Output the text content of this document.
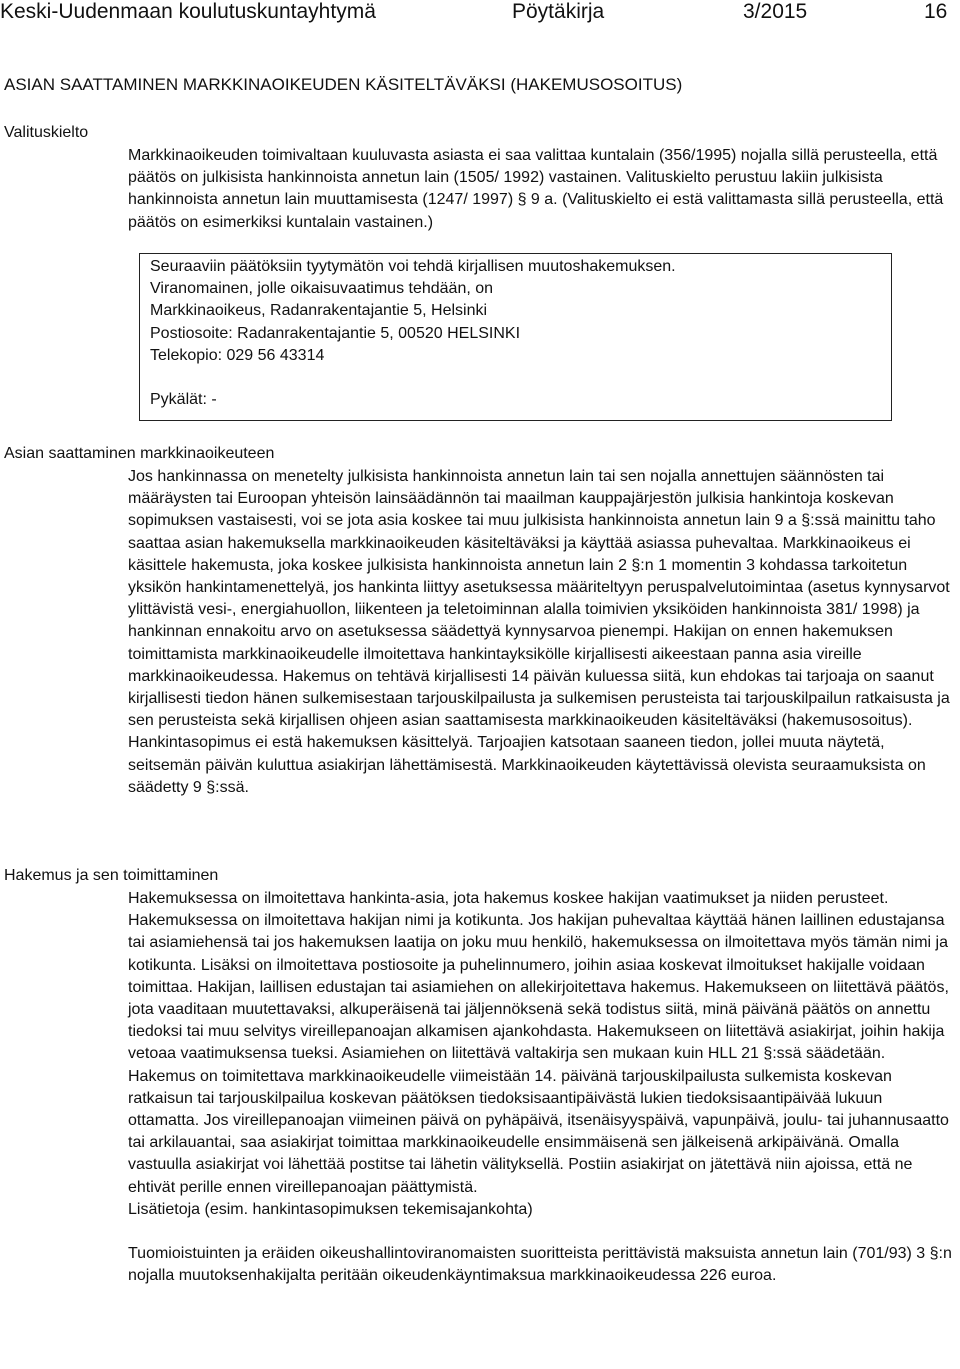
Keski-Uudenmaan koulutuskuntayhtymä	Pöytäkirja	3/2015	16
ASIAN SAATTAMINEN MARKKINAOIKEUDEN KÄSITELTÄVÄKSI (HAKEMUSOSOITUS)
Valituskielto

Markkinaoikeuden toimivaltaan kuuluvasta asiasta ei saa valittaa kuntalain (356/1995) nojalla sillä perusteella, että päätös on julkisista hankinnoista annetun lain (1505/ 1992) vastainen. Valituskielto perustuu lakiin julkisista hankinnoista annetun lain muuttamisesta (1247/ 1997) § 9 a. (Valituskielto ei estä valittamasta sillä perusteella, että päätös on esimerkiksi kuntalain vastainen.)

Seuraaviin päätöksiin tyytymätön voi tehdä kirjallisen muutoshakemuksen.
Viranomainen, jolle oikaisuvaatimus tehdään, on
Markkinaoikeus, Radanrakentajantie 5, Helsinki
Postiosoite: Radanrakentajantie 5, 00520 HELSINKI
Telekopio: 029 56 43314
Pykälät: -
Asian saattaminen markkinaoikeuteen

Jos hankinnassa on menetelty julkisista hankinnoista annetun lain tai sen nojalla annettujen säännösten tai määräysten tai Euroopan yhteisön lainsäädännön tai maailman kauppajärjestön julkisia hankintoja koskevan sopimuksen vastaisesti, voi se jota asia koskee tai muu julkisista hankinnoista annetun lain 9 a §:ssä mainittu taho saattaa asian hakemuksella markkinaoikeuden käsiteltäväksi ja käyttää asiassa puhevaltaa. Markkinaoikeus ei käsittele hakemusta, joka koskee julkisista hankinnoista annetun lain 2 §:n 1 momentin 3 kohdassa tarkoitetun yksikön hankintamenettelyä, jos hankinta liittyy asetuksessa määriteltyyn peruspalvelutoimintaa (asetus kynnysarvot ylittävistä vesi-, energiahuollon, liikenteen ja teletoiminnan alalla toimivien yksiköiden hankinnoista 381/ 1998) ja hankinnan ennakoitu arvo on asetuksessa säädettyä kynnysarvoa pienempi. Hakijan on ennen hakemuksen toimittamista markkinaoikeudelle ilmoitettava hankintayksikölle kirjallisesti aikeestaan panna asia vireille markkinaoikeudessa. Hakemus on tehtävä kirjallisesti 14 päivän kuluessa siitä, kun ehdokas tai tarjoaja on saanut kirjallisesti tiedon hänen sulkemisestaan tarjouskilpailusta ja sulkemisen perusteista tai tarjouskilpailun ratkaisusta ja sen perusteista sekä kirjallisen ohjeen asian saattamisesta markkinaoikeuden käsiteltäväksi (hakemusosoitus). Hankintasopimus ei estä hakemuksen käsittelyä. Tarjoajien katsotaan saaneen tiedon, jollei muuta näytetä, seitsemän päivän kuluttua asiakirjan lähettämisestä. Markkinaoikeuden käytettävissä olevista seuraamuksista on säädetty 9 §:ssä.

Hakemus ja sen toimittaminen

Hakemuksessa on ilmoitettava hankinta-asia, jota hakemus koskee hakijan vaatimukset ja niiden perusteet. Hakemuksessa on ilmoitettava hakijan nimi ja kotikunta. Jos hakijan puhevaltaa käyttää hänen laillinen edustajansa tai asiamiehensä tai jos hakemuksen laatija on joku muu henkilö, hakemuksessa on ilmoitettava myös tämän nimi ja kotikunta. Lisäksi on ilmoitettava postiosoite ja puhelinnumero, joihin asiaa koskevat ilmoitukset hakijalle voidaan toimittaa. Hakijan, laillisen edustajan tai asiamiehen on allekirjoitettava hakemus. Hakemukseen on liitettävä päätös, jota vaaditaan muutettavaksi, alkuperäisenä tai jäljennöksenä sekä todistus siitä, minä päivänä päätös on annettu tiedoksi tai muu selvitys vireillepanoajan alkamisen ajankohdasta. Hakemukseen on liitettävä asiakirjat, joihin hakija vetoaa vaatimuksensa tueksi. Asiamiehen on liitettävä valtakirja sen mukaan kuin HLL 21 §:ssä säädetään. Hakemus on toimitettava markkinaoikeudelle viimeistään 14. päivänä tarjouskilpailusta sulkemista koskevan ratkaisun tai tarjouskilpailua koskevan päätöksen tiedoksisaantipäivästä lukien tiedoksisaantipäivää lukuun ottamatta. Jos vireillepanoajan viimeinen päivä on pyhäpäivä, itsenäisyyspäivä, vapunpäivä, joulu- tai juhannusaatto tai arkilauantai, saa asiakirjat toimittaa markkinaoikeudelle ensimmäisenä sen jälkeisenä arkipäivänä. Omalla vastuulla asiakirjat voi lähettää postitse tai lähetin välityksellä. Postiin asiakirjat on jätettävä niin ajoissa, että ne ehtivät perille ennen vireillepanoajan päättymistä.

Lisätietoja (esim. hankintasopimuksen tekemisajankohta)

Tuomioistuinten ja eräiden oikeushallintoviranomaisten suoritteista perittävistä maksuista annetun lain (701/93) 3 §:n nojalla muutoksenhakijalta peritään oikeudenkäyntimaksua markkinaoikeudessa 226 euroa.
